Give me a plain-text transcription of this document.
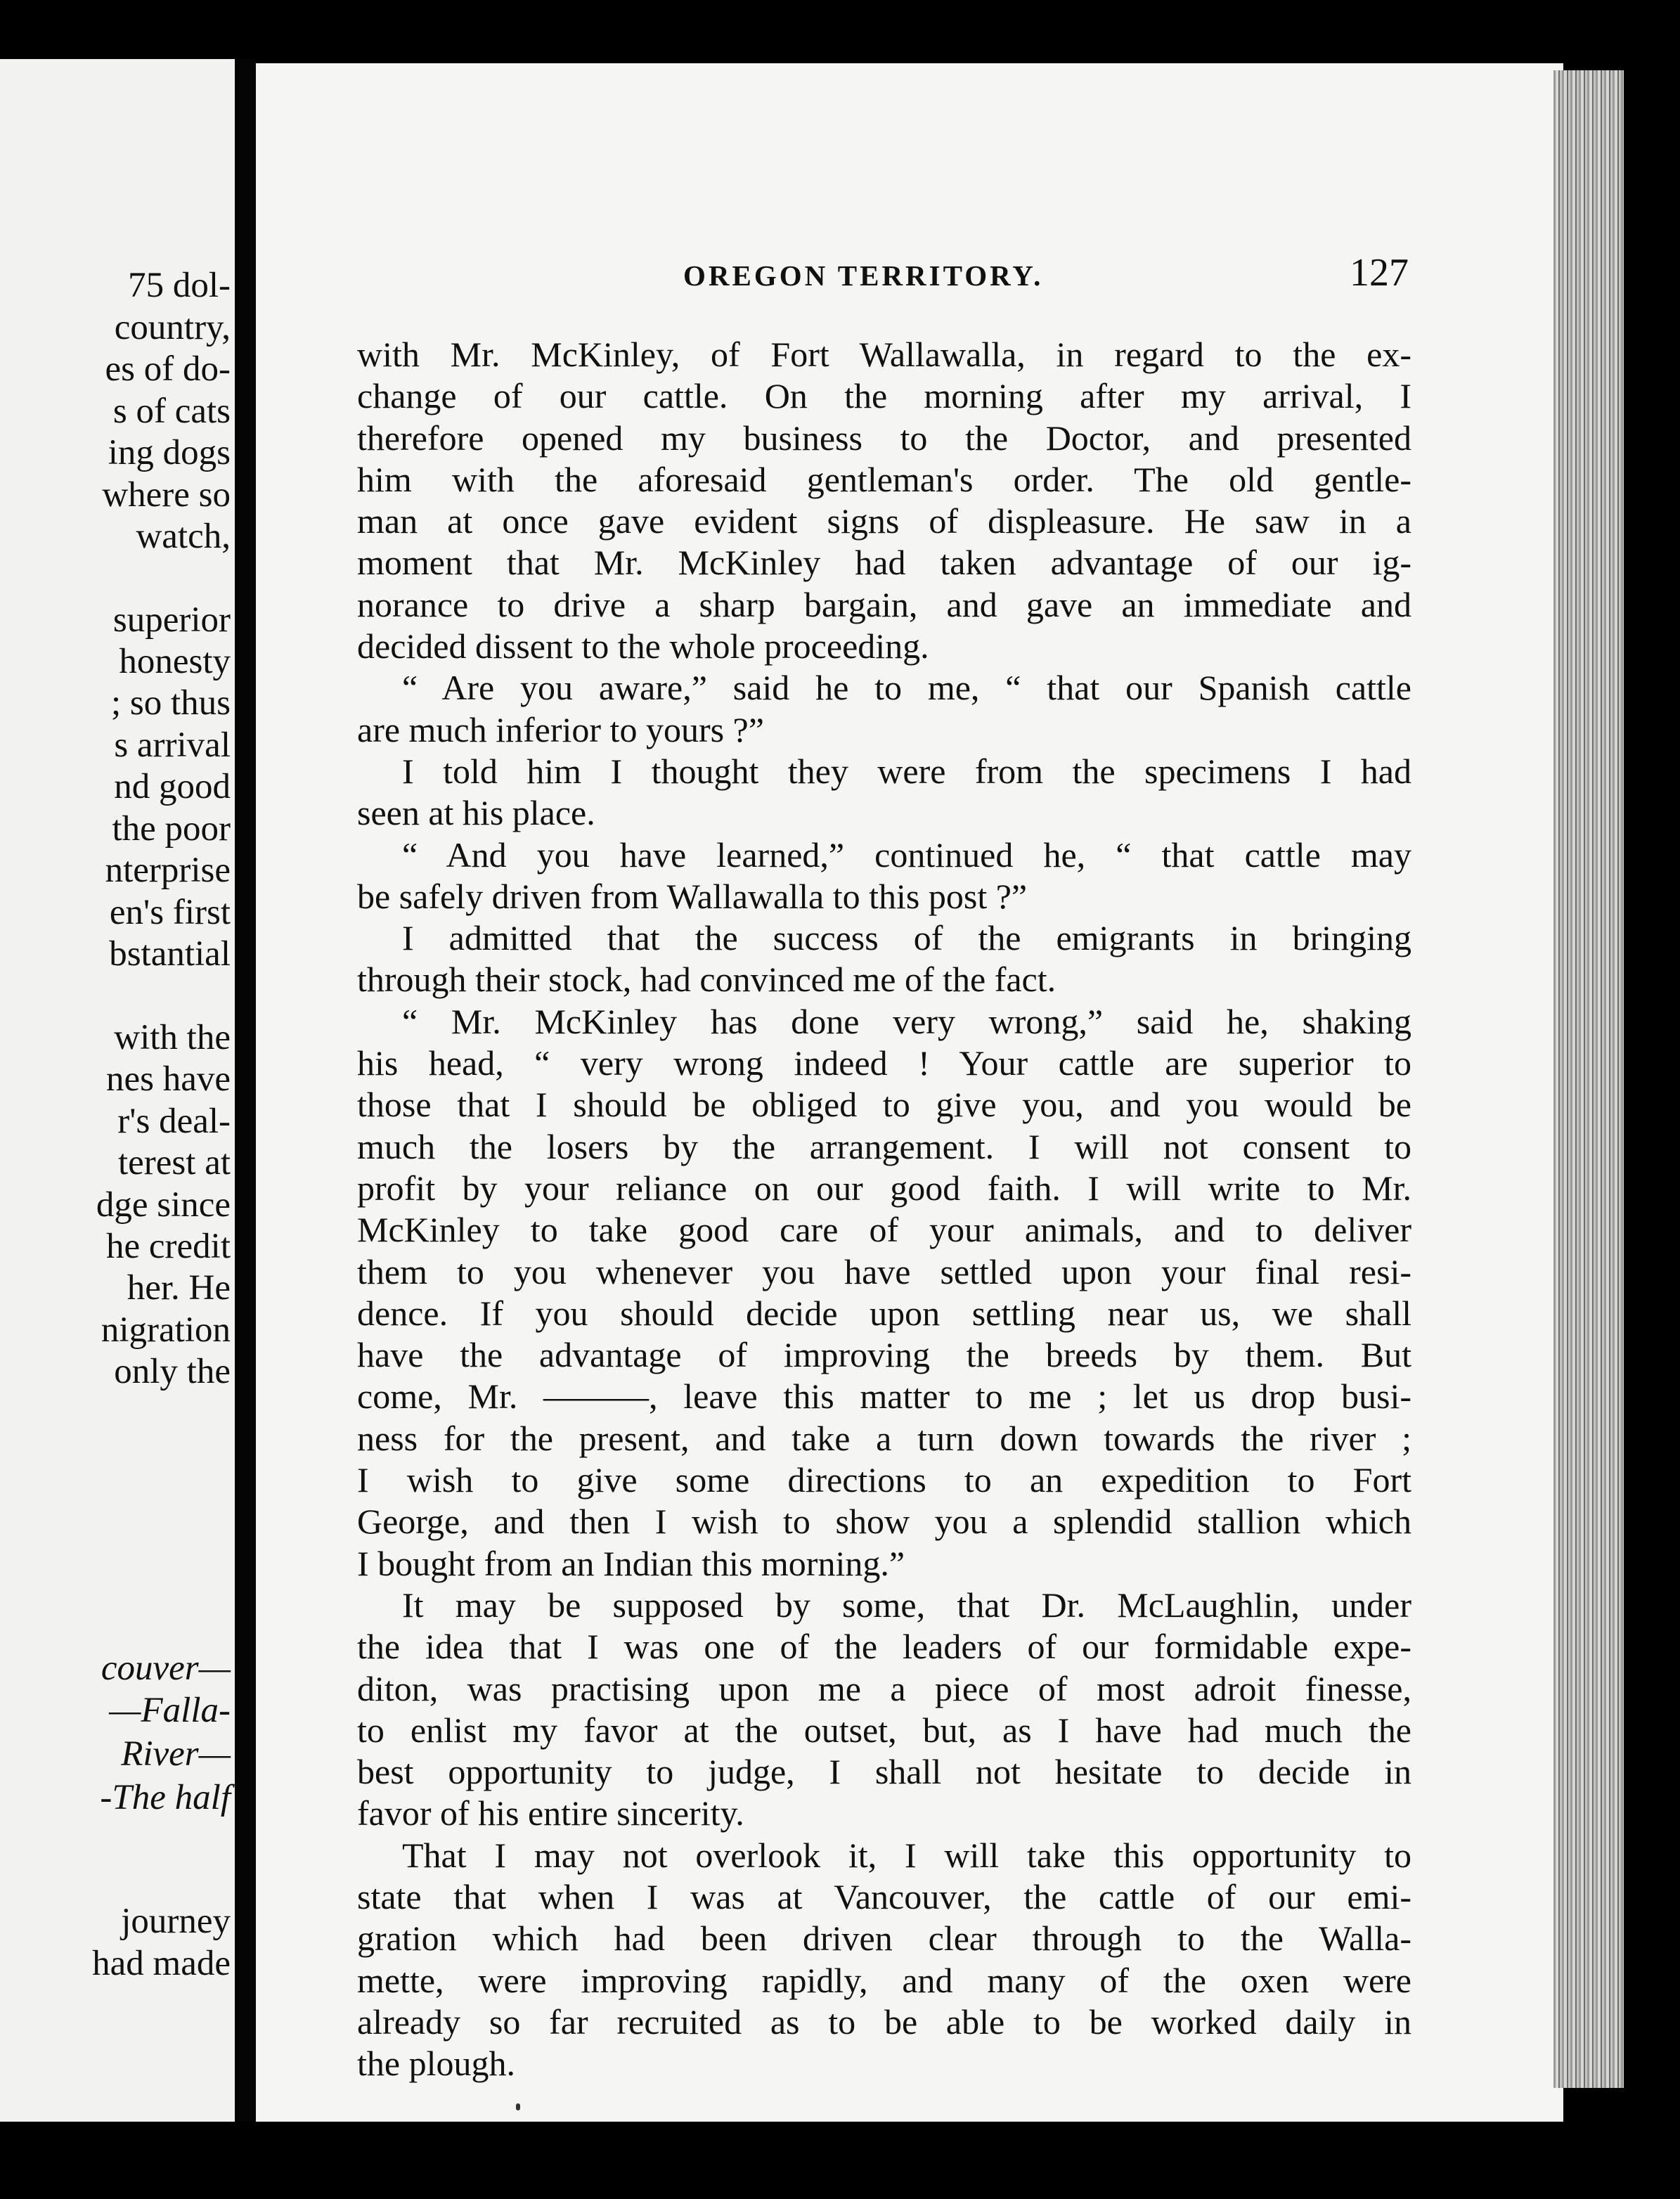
75 dol-
country,
es of do-
s of cats
ing dogs
where so
watch,
superior
honesty
; so thus
s arrival
nd good
the poor
nterprise
en's first
bstantial
with the
nes have
r's deal-
terest at
dge since
he credit
her. He
nigration
only the
couver—
—Falla-
River—
-The half
journey
had made
OREGON TERRITORY.	127
with Mr. McKinley, of Fort Wallawalla, in regard to the ex-
change of our cattle. On the morning after my arrival, I
therefore opened my business to the Doctor, and presented
him with the aforesaid gentleman's order. The old gentle-
man at once gave evident signs of displeasure. He saw in a
moment that Mr. McKinley had taken advantage of our ig-
norance to drive a sharp bargain, and gave an immediate and
decided dissent to the whole proceeding.
“ Are you aware,” said he to me, “ that our Spanish cattle
are much inferior to yours ?”
I told him I thought they were from the specimens I had
seen at his place.
“ And you have learned,” continued he, “ that cattle may
be safely driven from Wallawalla to this post ?”
I admitted that the success of the emigrants in bringing
through their stock, had convinced me of the fact.
“ Mr. McKinley has done very wrong,” said he, shaking
his head, “ very wrong indeed ! Your cattle are superior to
those that I should be obliged to give you, and you would be
much the losers by the arrangement. I will not consent to
profit by your reliance on our good faith. I will write to Mr.
McKinley to take good care of your animals, and to deliver
them to you whenever you have settled upon your final resi-
dence. If you should decide upon settling near us, we shall
have the advantage of improving the breeds by them. But
come, Mr. ———, leave this matter to me ; let us drop busi-
ness for the present, and take a turn down towards the river ;
I wish to give some directions to an expedition to Fort
George, and then I wish to show you a splendid stallion which
I bought from an Indian this morning.”
It may be supposed by some, that Dr. McLaughlin, under
the idea that I was one of the leaders of our formidable expe-
diton, was practising upon me a piece of most adroit finesse,
to enlist my favor at the outset, but, as I have had much the
best opportunity to judge, I shall not hesitate to decide in
favor of his entire sincerity.
That I may not overlook it, I will take this opportunity to
state that when I was at Vancouver, the cattle of our emi-
gration which had been driven clear through to the Walla-
mette, were improving rapidly, and many of the oxen were
already so far recruited as to be able to be worked daily in
the plough.
